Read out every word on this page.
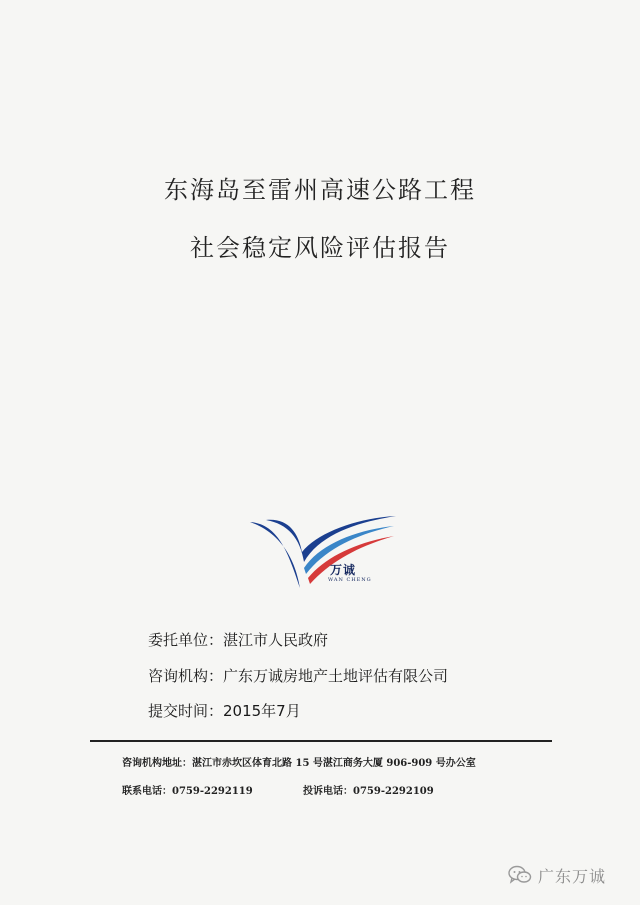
东海岛至雷州高速公路工程
社会稳定风险评估报告
万诚
WAN CHENG
委托单位：湛江市人民政府
咨询机构：广东万诚房地产土地评估有限公司
提交时间：2015年7月
咨询机构地址：湛江市赤坎区体育北路 15 号湛江商务大厦 906-909 号办公室
联系电话：0759-2292119	投诉电话：0759-2292109
广东万诚
